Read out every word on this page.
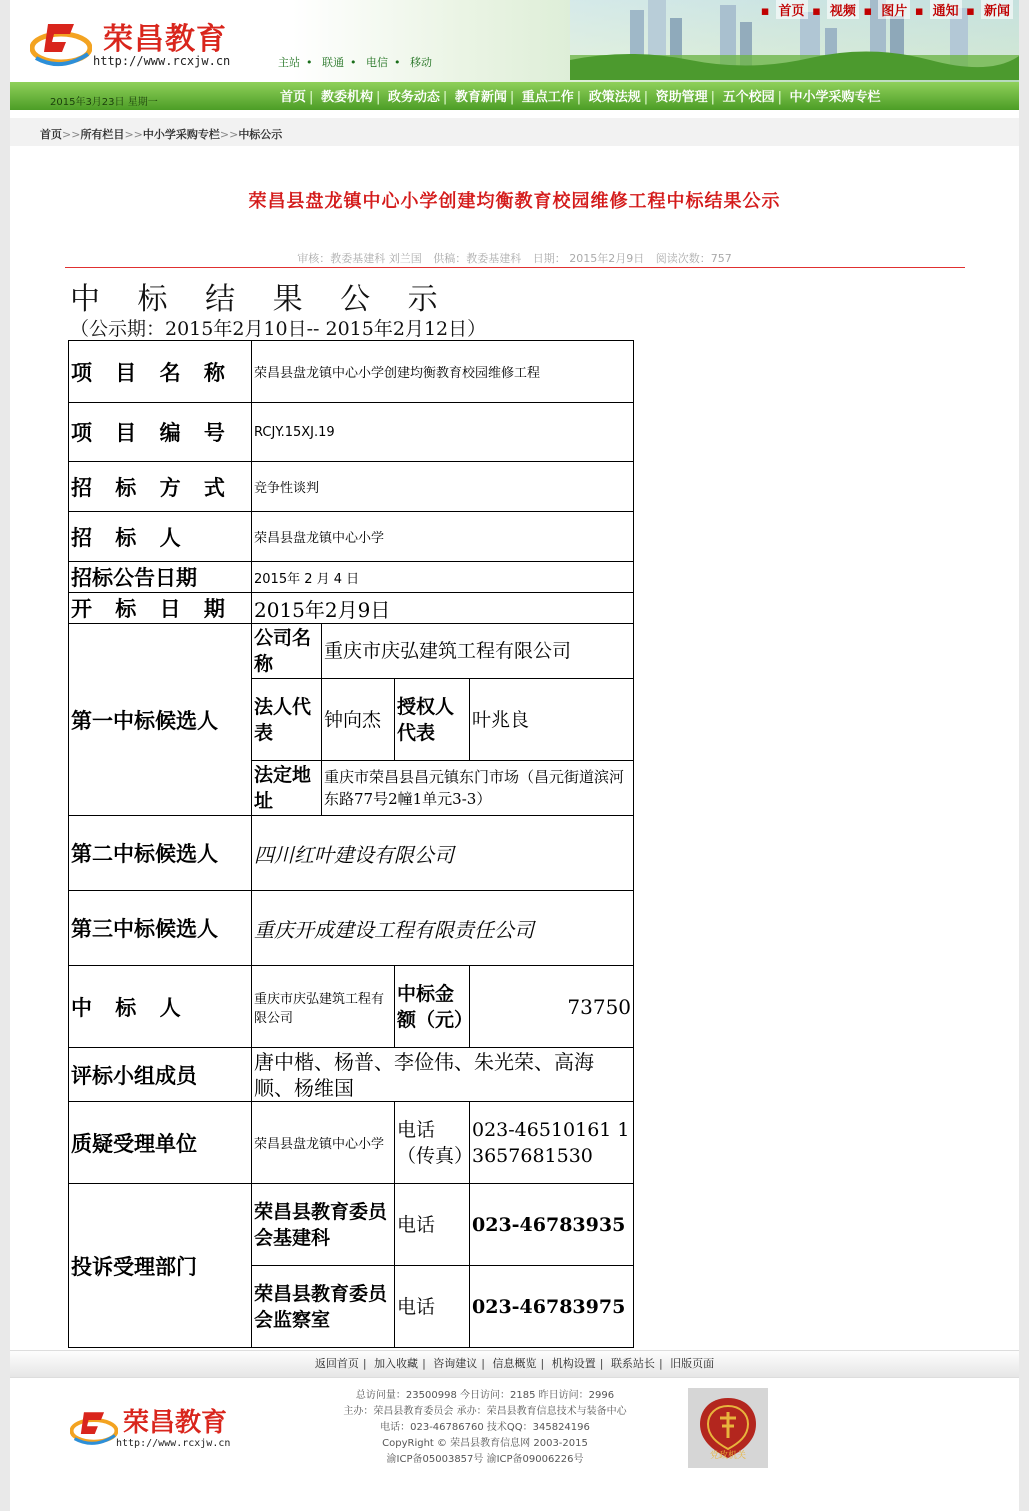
荣昌教育
http://www.rcxjw.cn	主站 • 联通 • 电信 • 移动
▪ 首页 ▪ 视频 ▪ 图片 ▪ 通知 ▪ 新闻
2015年3月23日 星期一	首页 | 教委机构 | 政务动态 | 教育新闻 | 重点工作 | 政策法规 | 资助管理 | 五个校园 | 中小学采购专栏
首页>>所有栏目>>中小学采购专栏>>中标公示
荣昌县盘龙镇中心小学创建均衡教育校园维修工程中标结果公示
审核：教委基建科 刘兰国 供稿：教委基建科 日期： 2015年2月9日 阅读次数：757
中 标 结 果 公 示
（公示期：2015年2月10日-- 2015年2月12日）
项 目 名 称	荣昌县盘龙镇中心小学创建均衡教育校园维修工程			
项 目 编 号	RCJY.15XJ.19			
招 标 方 式	竞争性谈判			
招 标 人	荣昌县盘龙镇中心小学			
招标公告日期	2015年 2 月 4 日			
开 标 日 期	2015年2月9日			
第一中标候选人	公司名称	重庆市庆弘建筑工程有限公司		
	法人代表	钟向杰	授权人代表	叶兆良
	法定地址	重庆市荣昌县昌元镇东门市场（昌元街道滨河东路77号2幢1单元3-3）		
第二中标候选人	四川红叶建设有限公司			
第三中标候选人	重庆开成建设工程有限责任公司			
中 标 人	重庆市庆弘建筑工程有限公司		中标金额（元）	73750
评标小组成员	唐中楷、杨普、李俭伟、朱光荣、高海顺、杨维国			
质疑受理单位	荣昌县盘龙镇中心小学		电话（传真）	023-46510161 13657681530
投诉受理部门	荣昌县教育委员会基建科		电话	023-46783935
	荣昌县教育委员会监察室		电话	023-46783975
返回首页 | 加入收藏 | 咨询建议 | 信息概览 | 机构设置 | 联系站长 | 旧版页面
荣昌教育
http://www.rcxjw.cn
总访问量：23500998 今日访问：2185 昨日访问：2996
主办：荣昌县教育委员会 承办：荣昌县教育信息技术与装备中心
电话：023-46786760 技术QQ：345824196
CopyRight © 荣昌县教育信息网 2003-2015
渝ICP备05003857号 渝ICP备09006226号	党政机关
